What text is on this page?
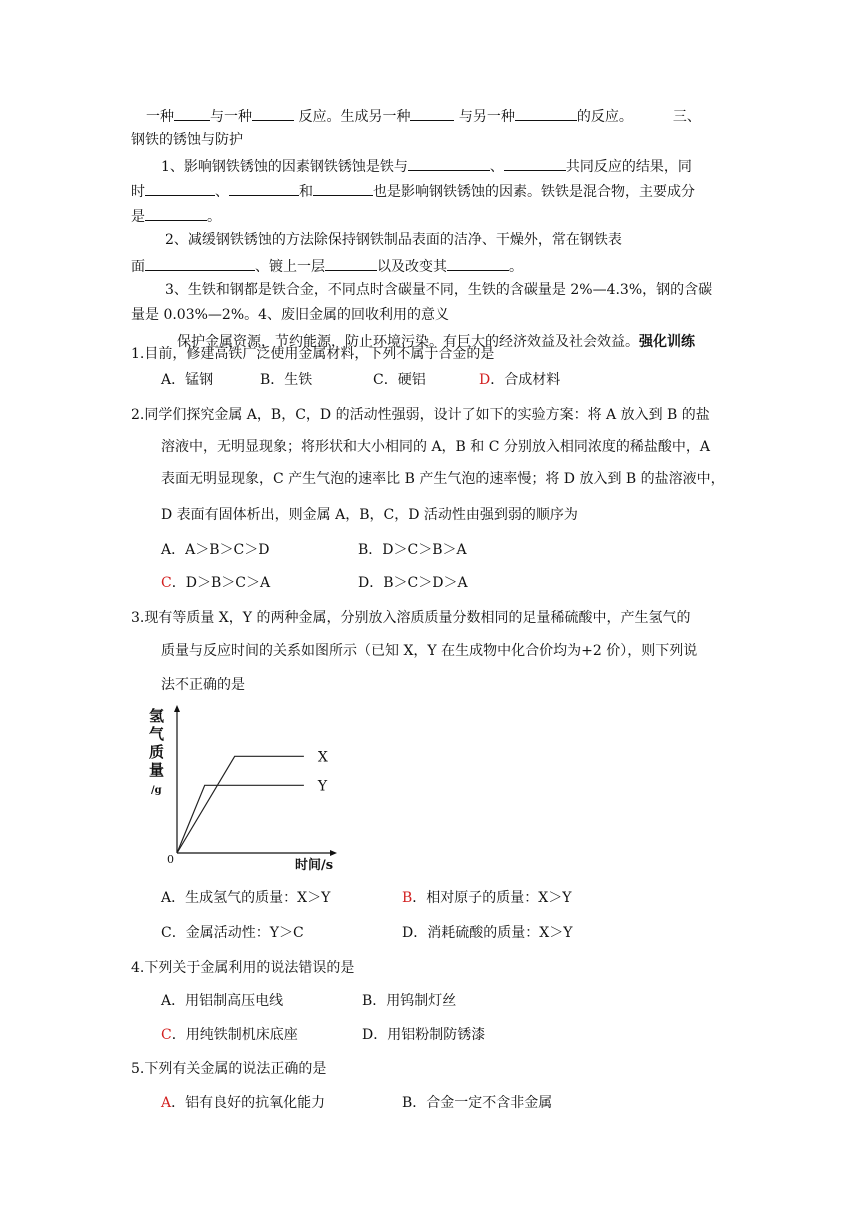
一种	与一种	反应。生成另一种	与另一种	的反应。	三、
钢铁的锈蚀与防护
1、影响钢铁锈蚀的因素钢铁锈蚀是铁与	、	共同反应的结果，同
时	、	和	也是影响钢铁锈蚀的因素。铁铁是混合物，主要成分
是	。
2、减缓钢铁锈蚀的方法除保持钢铁制品表面的洁净、干燥外，常在钢铁表
面	、镀上一层	以及改变其	。
3、生铁和钢都是铁合金，不同点时含碳量不同，生铁的含碳量是 2%—4.3%，钢的含碳
量是 0.03%—2%。4、废旧金属的回收利用的意义
保护金属资源，节约能源，防止环境污染。有巨大的经济效益及社会效益。强化训练
1.目前，修建高铁广泛使用金属材料，下列不属于合金的是
A．锰钢	B．生铁	C．硬铝	D．合成材料
2.同学们探究金属 A，B，C，D 的活动性强弱，设计了如下的实验方案：将 A 放入到 B 的盐
溶液中，无明显现象；将形状和大小相同的 A，B 和 C 分别放入相同浓度的稀盐酸中，A
表面无明显现象，C 产生气泡的速率比 B 产生气泡的速率慢；将 D 放入到 B 的盐溶液中，
D 表面有固体析出，则金属 A，B，C，D 活动性由强到弱的顺序为
A．A＞B＞C＞D	B．D＞C＞B＞A
C．D＞B＞C＞A	D．B＞C＞D＞A
3.现有等质量 X，Y 的两种金属，分别放入溶质质量分数相同的足量稀硫酸中，产生氢气的
质量与反应时间的关系如图所示（已知 X，Y 在生成物中化合价均为+2 价），则下列说
法不正确的是
X
Y
氢
气
质
量
/g
0	时间/s
A．生成氢气的质量：X＞Y	B．相对原子的质量：X＞Y
C．金属活动性：Y＞C	D．消耗硫酸的质量：X＞Y
4.下列关于金属利用的说法错误的是
A．用铝制高压电线	B．用钨制灯丝
C．用纯铁制机床底座	D．用铝粉制防锈漆
5.下列有关金属的说法正确的是
A．铝有良好的抗氧化能力	B．合金一定不含非金属
